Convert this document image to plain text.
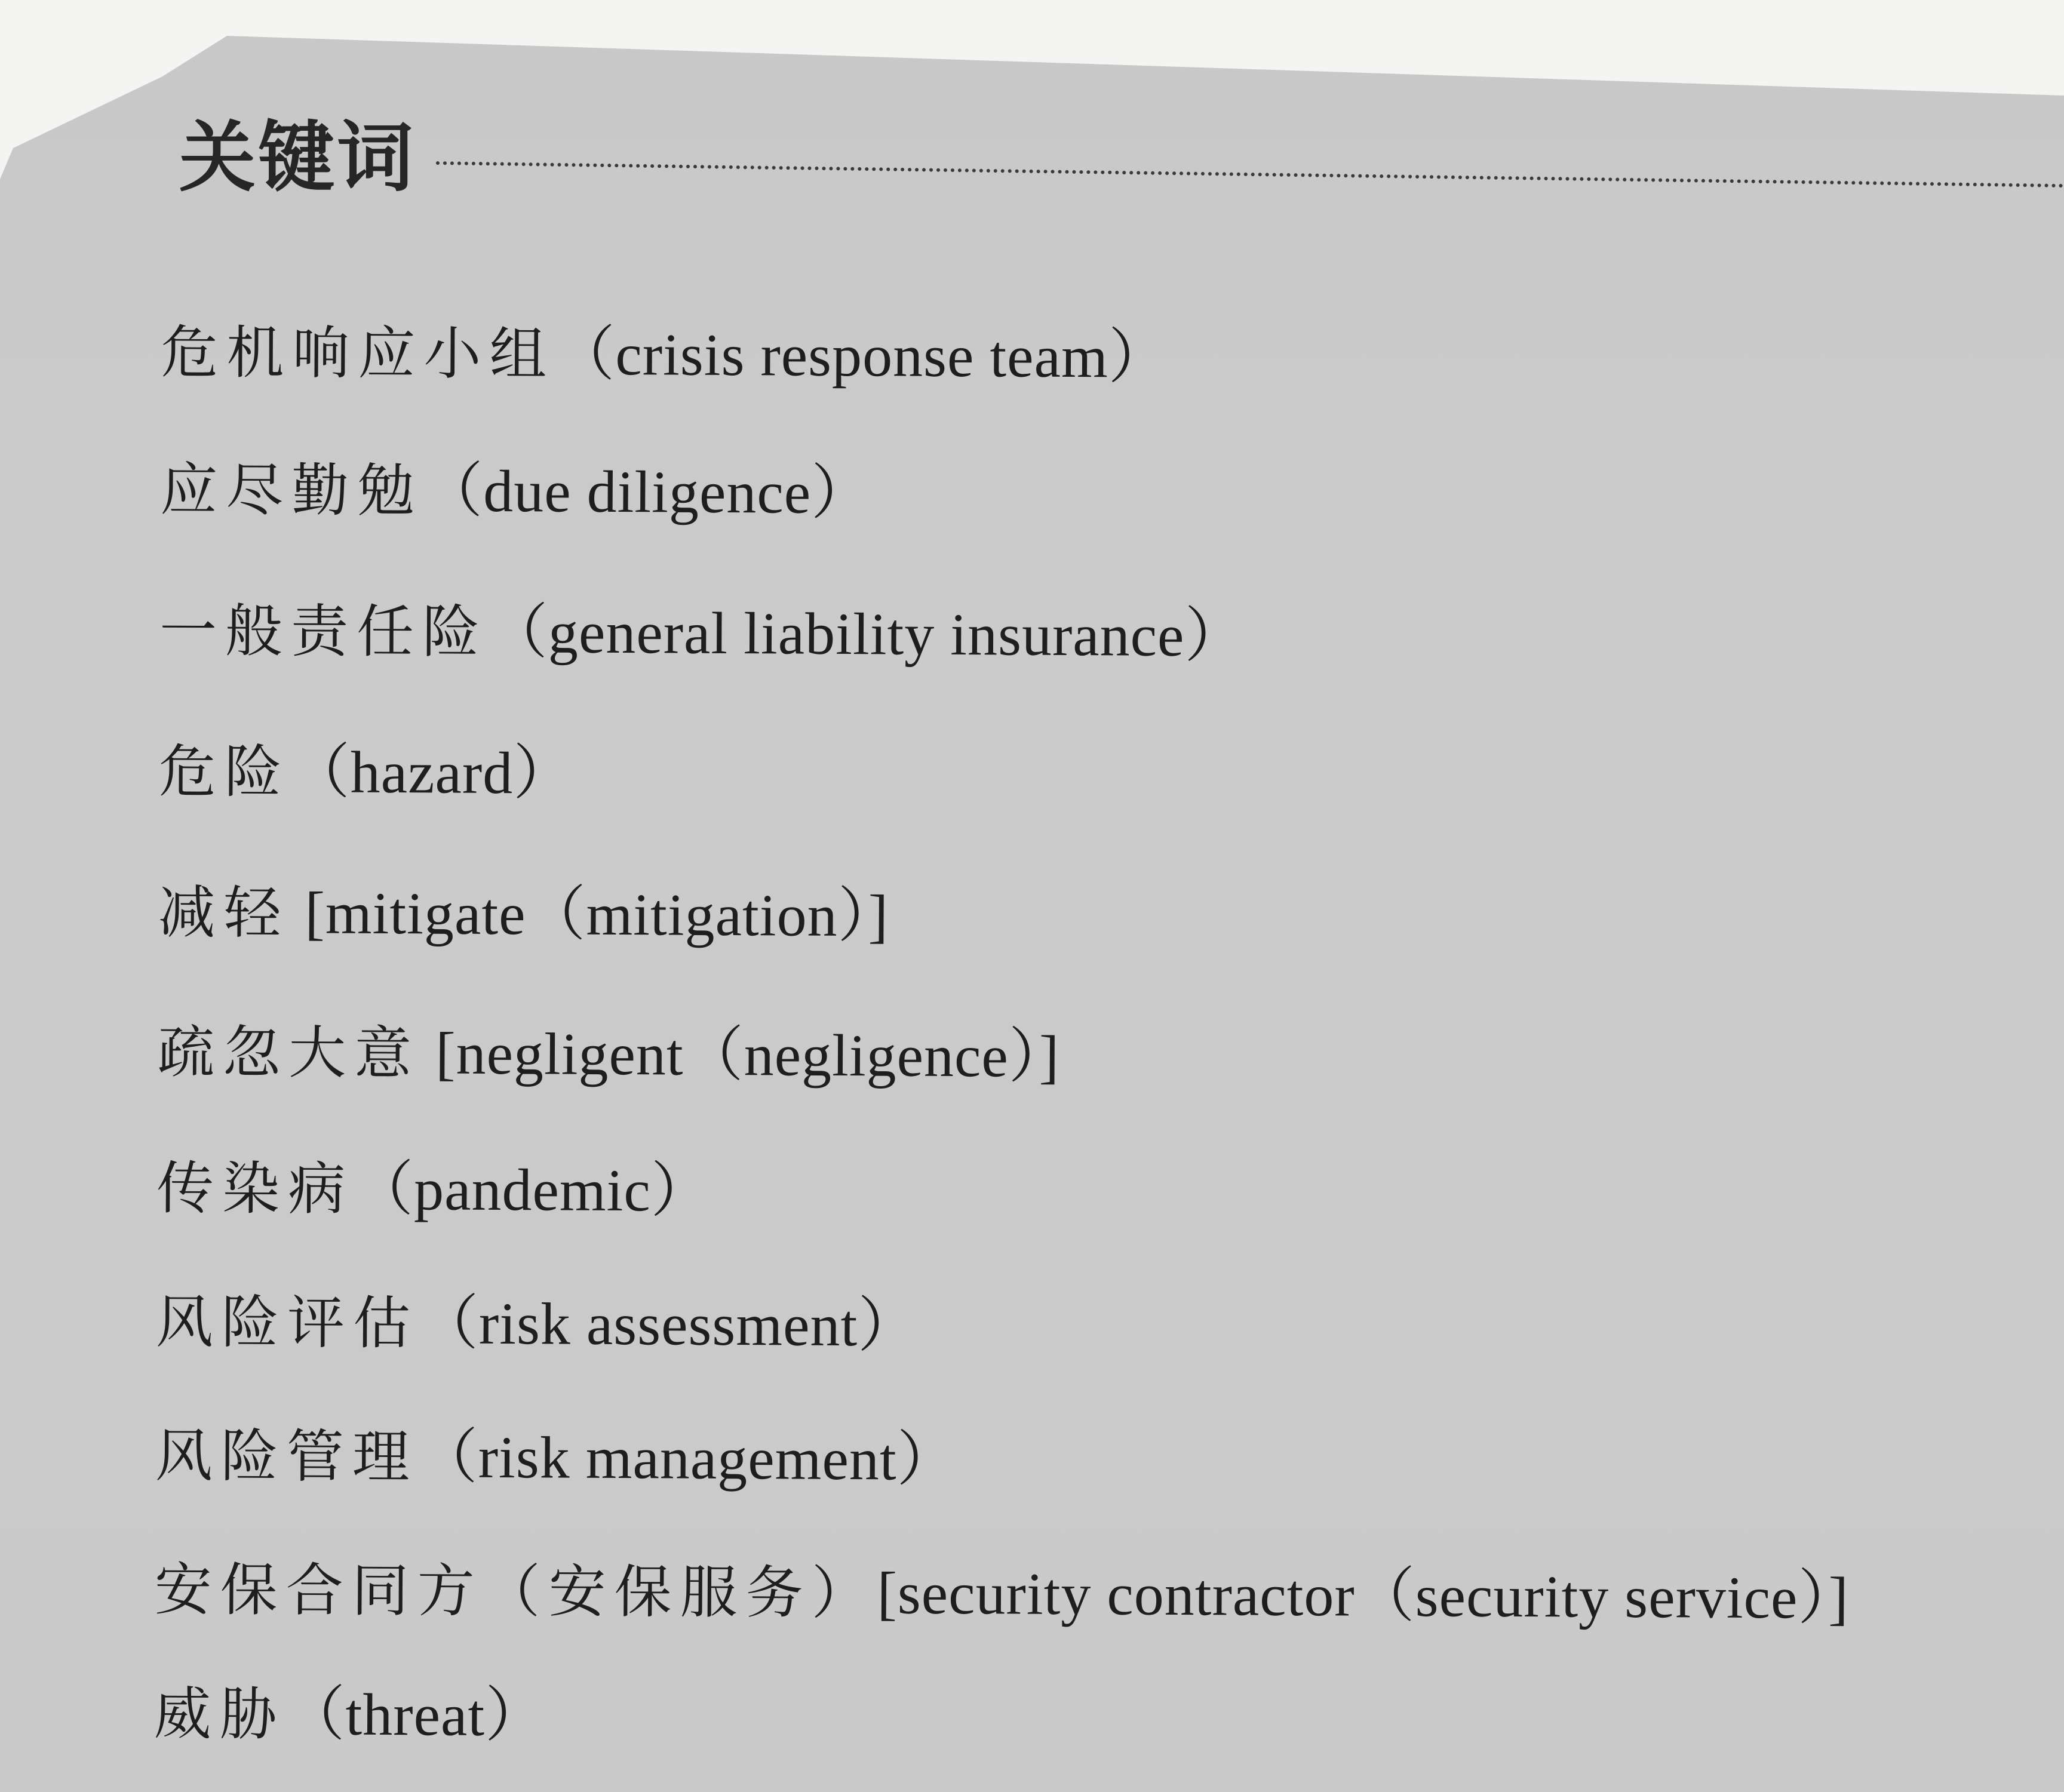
关键词
危机响应小组（crisis response team）
应尽勤勉（due diligence）
一般责任险（general liability insurance）
危险（hazard）
减轻 [mitigate（mitigation）]
疏忽大意 [negligent（negligence）]
传染病（pandemic）
风险评估（risk assessment）
风险管理（risk management）
安保合同方（安保服务）[security contractor（security service）]
威胁（threat）
